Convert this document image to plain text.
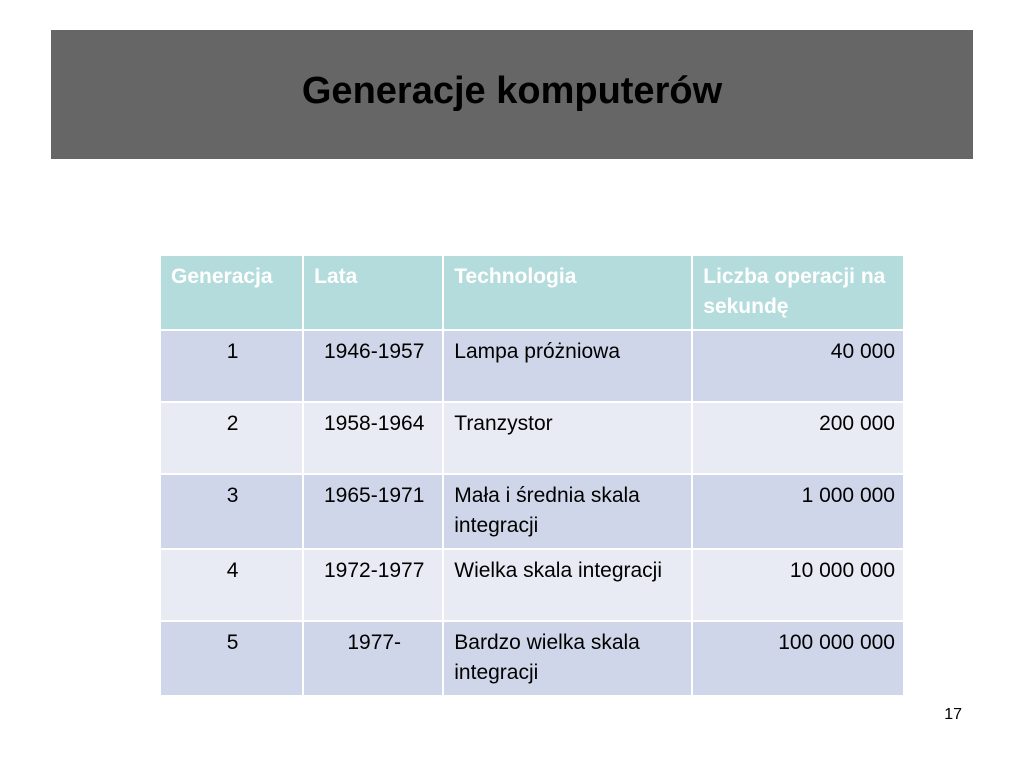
Generacje komputerów
Generacja	Lata	Technologia	Liczba operacji na sekundę
1	1946-1957	Lampa próżniowa	40 000
2	1958-1964	Tranzystor	200 000
3	1965-1971	Mała i średnia skala integracji	1 000 000
4	1972-1977	Wielka skala integracji	10 000 000
5	1977-	Bardzo wielka skala integracji	100 000 000
17
